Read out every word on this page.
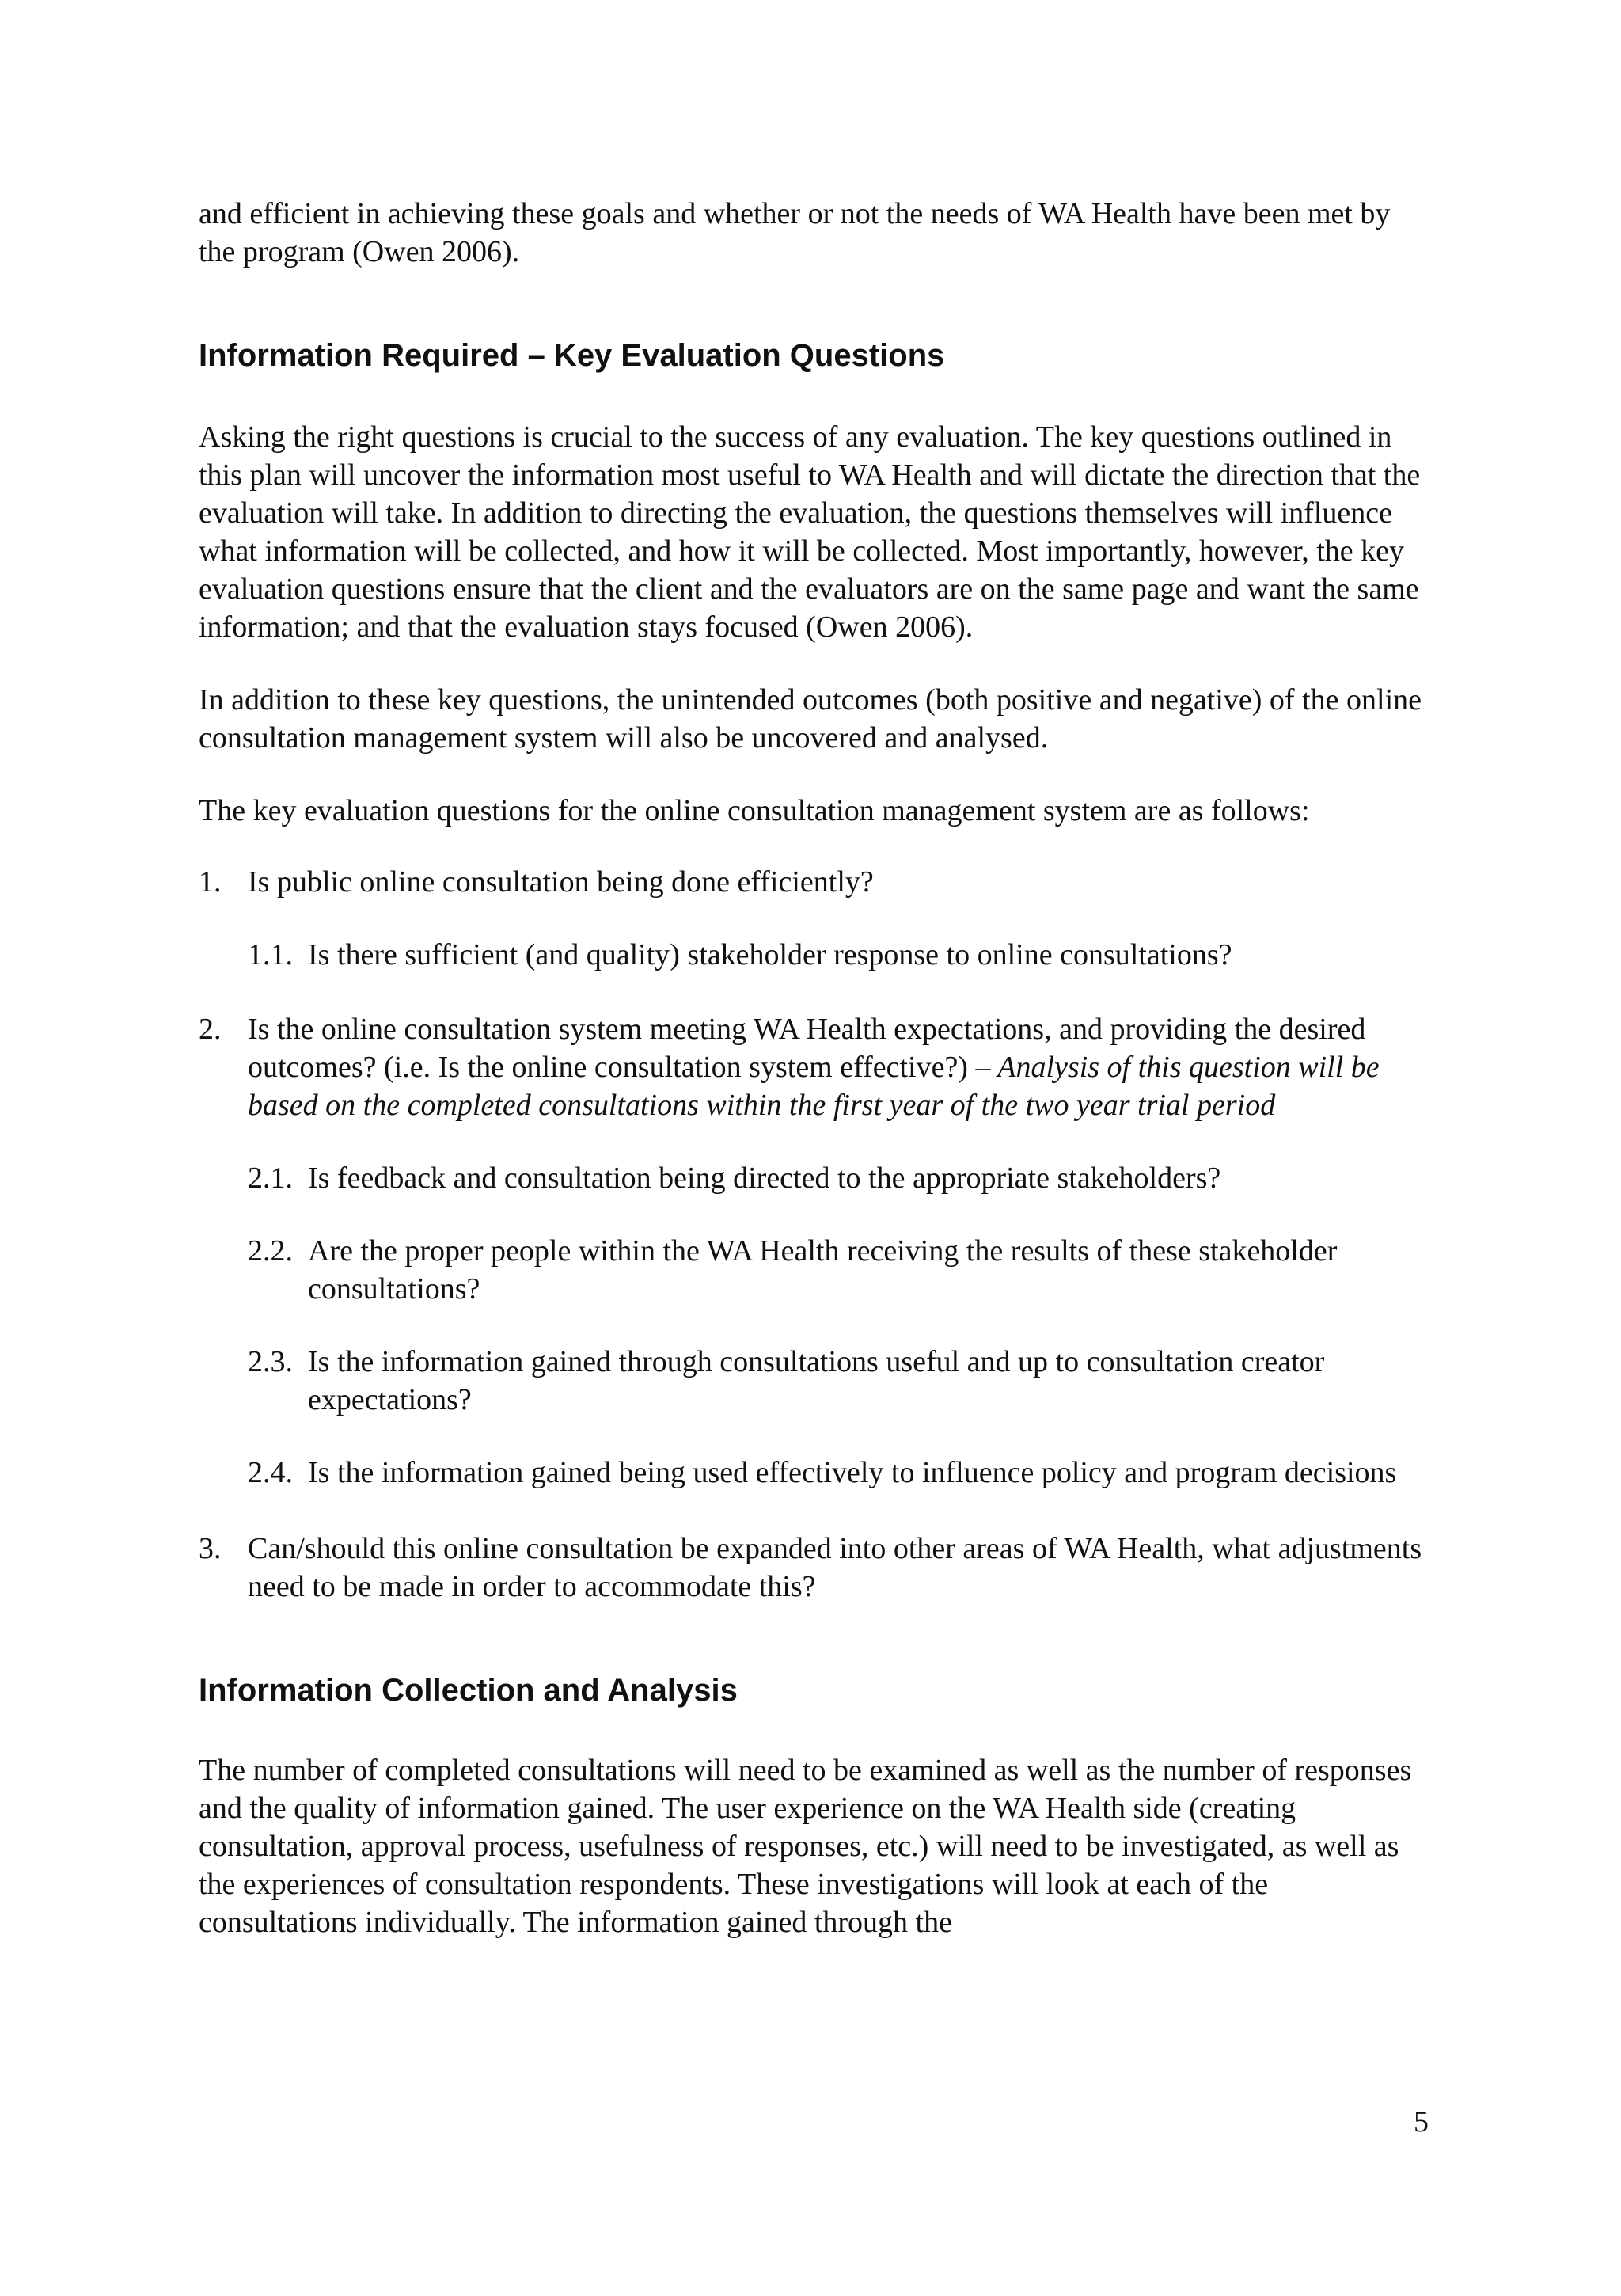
and efficient in achieving these goals and whether or not the needs of WA Health have been met by the program (Owen 2006).

Information Required – Key Evaluation Questions

Asking the right questions is crucial to the success of any evaluation. The key questions outlined in this plan will uncover the information most useful to WA Health and will dictate the direction that the evaluation will take. In addition to directing the evaluation, the questions themselves will influence what information will be collected, and how it will be collected. Most importantly, however, the key evaluation questions ensure that the client and the evaluators are on the same page and want the same information; and that the evaluation stays focused (Owen 2006).

In addition to these key questions, the unintended outcomes (both positive and negative) of the online consultation management system will also be uncovered and analysed.

The key evaluation questions for the online consultation management system are as follows:

1. Is public online consultation being done efficiently?
1.1. Is there sufficient (and quality) stakeholder response to online consultations?
2. Is the online consultation system meeting WA Health expectations, and providing the desired outcomes? (i.e. Is the online consultation system effective?) – Analysis of this question will be based on the completed consultations within the first year of the two year trial period
2.1. Is feedback and consultation being directed to the appropriate stakeholders?
2.2. Are the proper people within the WA Health receiving the results of these stakeholder consultations?
2.3. Is the information gained through consultations useful and up to consultation creator expectations?
2.4. Is the information gained being used effectively to influence policy and program decisions
3. Can/should this online consultation be expanded into other areas of WA Health, what adjustments need to be made in order to accommodate this?
Information Collection and Analysis

The number of completed consultations will need to be examined as well as the number of responses and the quality of information gained. The user experience on the WA Health side (creating consultation, approval process, usefulness of responses, etc.) will need to be investigated, as well as the experiences of consultation respondents. These investigations will look at each of the consultations individually. The information gained through the

5
